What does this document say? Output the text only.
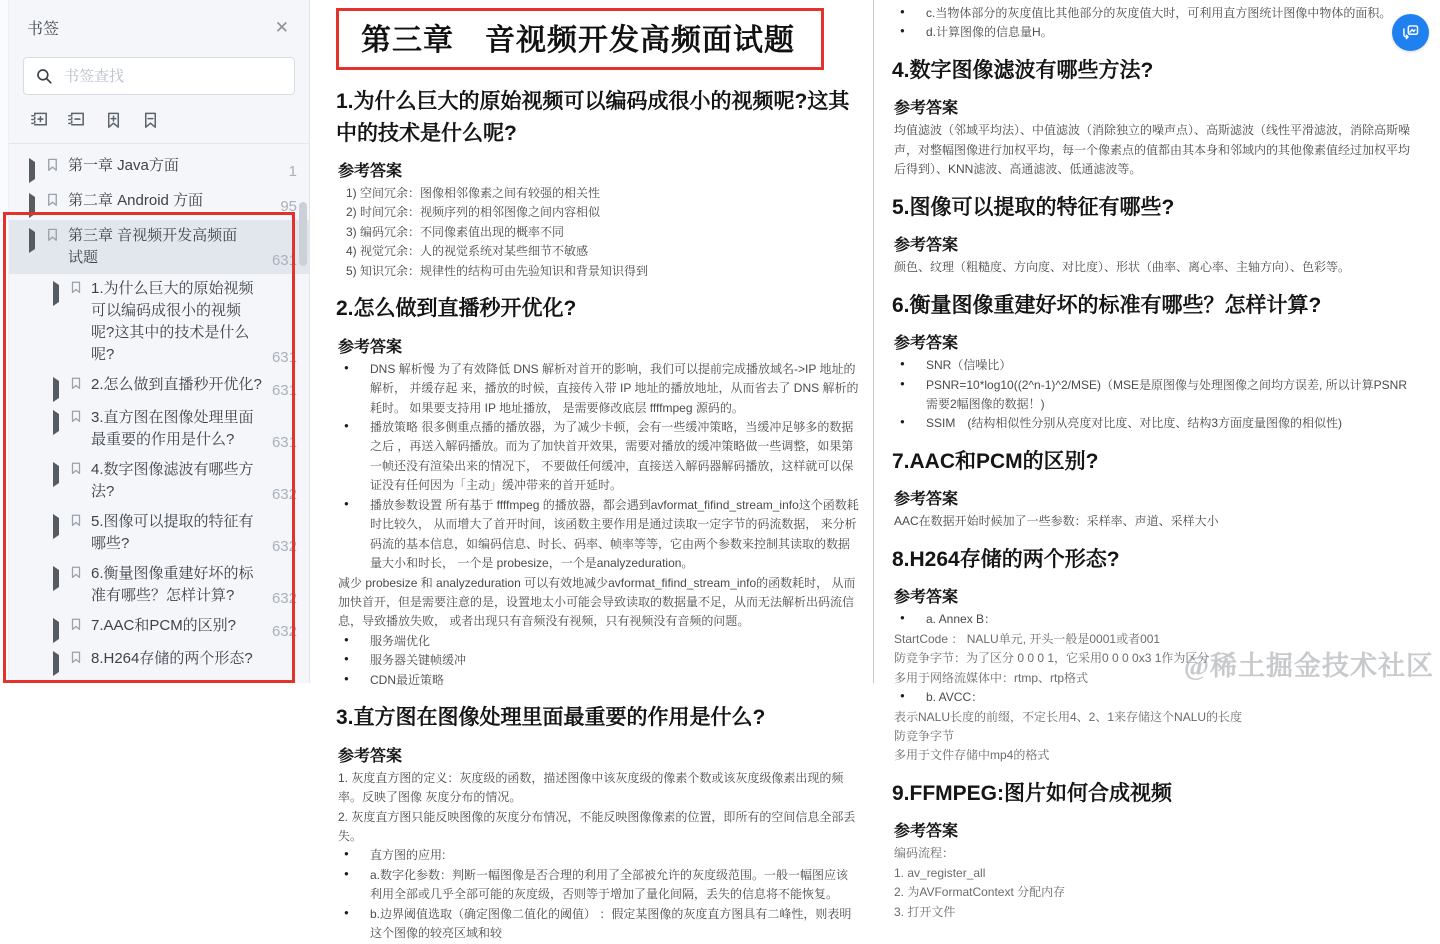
书签	✕
书签查找
第一章 Java方面	1
第二章 Android 方面	95
第三章 音视频开发高频面试题	631
1.为什么巨大的原始视频可以编码成很小的视频呢?这其中的技术是什么呢?	631
2.怎么做到直播秒开优化? 631
3.直方图在图像处理里面最重要的作用是什么?	631
4.数字图像滤波有哪些方法?	632
5.图像可以提取的特征有哪些?	632
6.衡量图像重建好坏的标准有哪些？怎样计算?	632
7.AAC和PCM的区别? 632
8.H264存储的两个形态?
第三章　音视频开发高频面试题
1.为什么巨大的原始视频可以编码成很小的视频呢?这其中的技术是什么呢?
参考答案
1) 空间冗余：图像相邻像素之间有较强的相关性
2) 时间冗余：视频序列的相邻图像之间内容相似
3) 编码冗余：不同像素值出现的概率不同
4) 视觉冗余：人的视觉系统对某些细节不敏感
5) 知识冗余：规律性的结构可由先验知识和背景知识得到
2.怎么做到直播秒开优化?
参考答案
● DNS 解析慢 为了有效降低 DNS 解析对首开的影响，我们可以提前完成播放域名->IP 地址的解析， 并缓存起 来，播放的时候，直接传入带 IP 地址的播放地址，从而省去了 DNS 解析的耗时。 如果要支持用 IP 地址播放， 是需要修改底层 ffffmpeg 源码的。
● 播放策略 很多侧重点播的播放器，为了减少卡顿，会有一些缓冲策略，当缓冲足够多的数据之后 ，再送入解码播放。而为了加快首开效果，需要对播放的缓冲策略做一些调整，如果第一帧还没有渲染出来的情况下， 不要做任何缓冲，直接送入解码器解码播放，这样就可以保证没有任何因为「主动」缓冲带来的首开延时。
● 播放参数设置 所有基于 ffffmpeg 的播放器，都会遇到avformat_fifind_stream_info这个函数耗时比较久， 从而增大了首开时间，该函数主要作用是通过读取一定字节的码流数据， 来分析码流的基本信息，如编码信息、时长、码率、帧率等等，它由两个参数来控制其读取的数据量大小和时长， 一个是 probesize，一个是analyzeduration。
减少 probesize 和 analyzeduration 可以有效地减少avformat_fifind_stream_info的函数耗时， 从而加快首开，但是需要注意的是，设置地太小可能会导致读取的数据量不足，从而无法解析出码流信息，导致播放失败， 或者出现只有音频没有视频，只有视频没有音频的问题。
● 服务端优化
● 服务器关键帧缓冲
● CDN最近策略
3.直方图在图像处理里面最重要的作用是什么?
参考答案
1. 灰度直方图的定义：灰度级的函数，描述图像中该灰度级的像素个数或该灰度级像素出现的频率。反映了图像 灰度分布的情况。
2. 灰度直方图只能反映图像的灰度分布情况，不能反映图像像素的位置，即所有的空间信息全部丢失。
● 直方图的应用:
● a.数字化参数：判断一幅图像是否合理的利用了全部被允许的灰度级范围。一般一幅图应该利用全部或几乎全部可能的灰度级，否则等于增加了量化间隔，丢失的信息将不能恢复。
● b.边界阈值选取（确定图像二值化的阈值） ：假定某图像的灰度直方图具有二峰性，则表明这个图像的较亮区域和较
● c.当物体部分的灰度值比其他部分的灰度值大时，可利用直方图统计图像中物体的面积。
● d.计算图像的信息量H。
4.数字图像滤波有哪些方法?
参考答案
均值滤波（邻域平均法）、中值滤波（消除独立的噪声点）、高斯滤波（线性平滑滤波，消除高斯噪声，对整幅图像进行加权平均，每一个像素点的值都由其本身和邻域内的其他像素值经过加权平均后得到）、KNN滤波、高通滤波、低通滤波等。
5.图像可以提取的特征有哪些?
参考答案
颜色、纹理（粗糙度、方向度、对比度）、形状（曲率、离心率、主轴方向）、色彩等。
6.衡量图像重建好坏的标准有哪些？怎样计算?
参考答案
● SNR（信噪比）
● PSNR=10*log10((2^n-1)^2/MSE)（MSE是原图像与处理图像之间均方误差, 所以计算PSNR需要2幅图像的数据！)
● SSIM　(结构相似性分别从亮度对比度、对比度、结构3方面度量图像的相似性)
7.AAC和PCM的区别?
参考答案
AAC在数据开始时候加了一些参数：采样率、声道、采样大小
8.H264存储的两个形态?
参考答案
● a. Annex B：
StartCode ： NALU单元, 开头一般是0001或者001
防竞争字节：为了区分 0 0 0 1，它采用0 0 0 0x3 1作为区分
多用于网络流媒体中：rtmp、rtp格式
● b. AVCC：
表示NALU长度的前缀，不定长用4、2、1来存储这个NALU的长度
防竞争字节
多用于文件存储中mp4的格式
9.FFMPEG:图片如何合成视频
参考答案
编码流程：
1. av_register_all
2. 为AVFormatContext 分配内存
3. 打开文件
@稀土掘金技术社区
